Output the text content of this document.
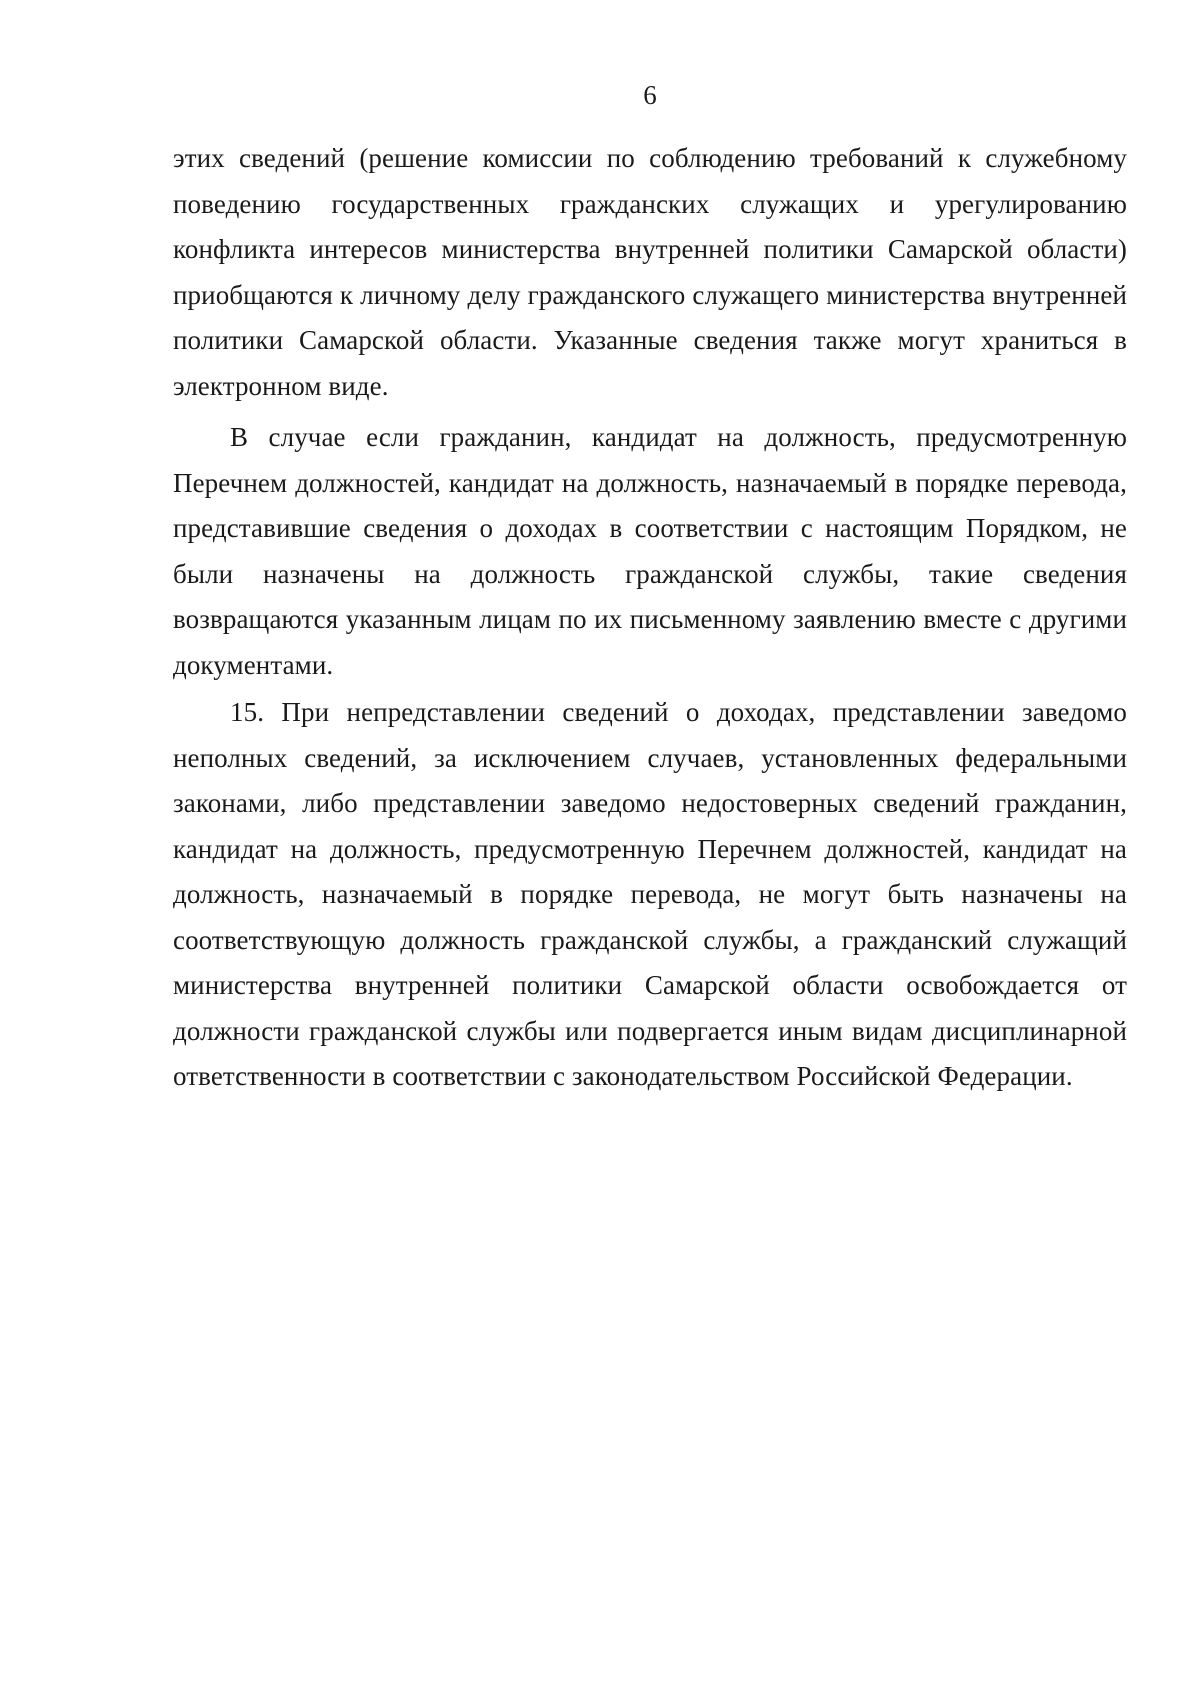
6

этих сведений (решение комиссии по соблюдению требований к служебному поведению государственных гражданских служащих и урегулированию конфликта интересов министерства внутренней политики Самарской области) приобщаются к личному делу гражданского служащего министерства внутренней политики Самарской области. Указанные сведения также могут храниться в электронном виде.

В случае если гражданин, кандидат на должность, предусмотренную Перечнем должностей, кандидат на должность, назначаемый в порядке перевода, представившие сведения о доходах в соответствии с настоящим Порядком, не были назначены на должность гражданской службы, такие сведения возвращаются указанным лицам по их письменному заявлению вместе с другими документами.

15. При непредставлении сведений о доходах, представлении заведомо неполных сведений, за исключением случаев, установленных федеральными законами, либо представлении заведомо недостоверных сведений гражданин, кандидат на должность, предусмотренную Перечнем должностей, кандидат на должность, назначаемый в порядке перевода, не могут быть назначены на соответствующую должность гражданской службы, а гражданский служащий министерства внутренней политики Самарской области освобождается от должности гражданской службы или подвергается иным видам дисциплинарной ответственности в соответствии с законодательством Российской Федерации.
